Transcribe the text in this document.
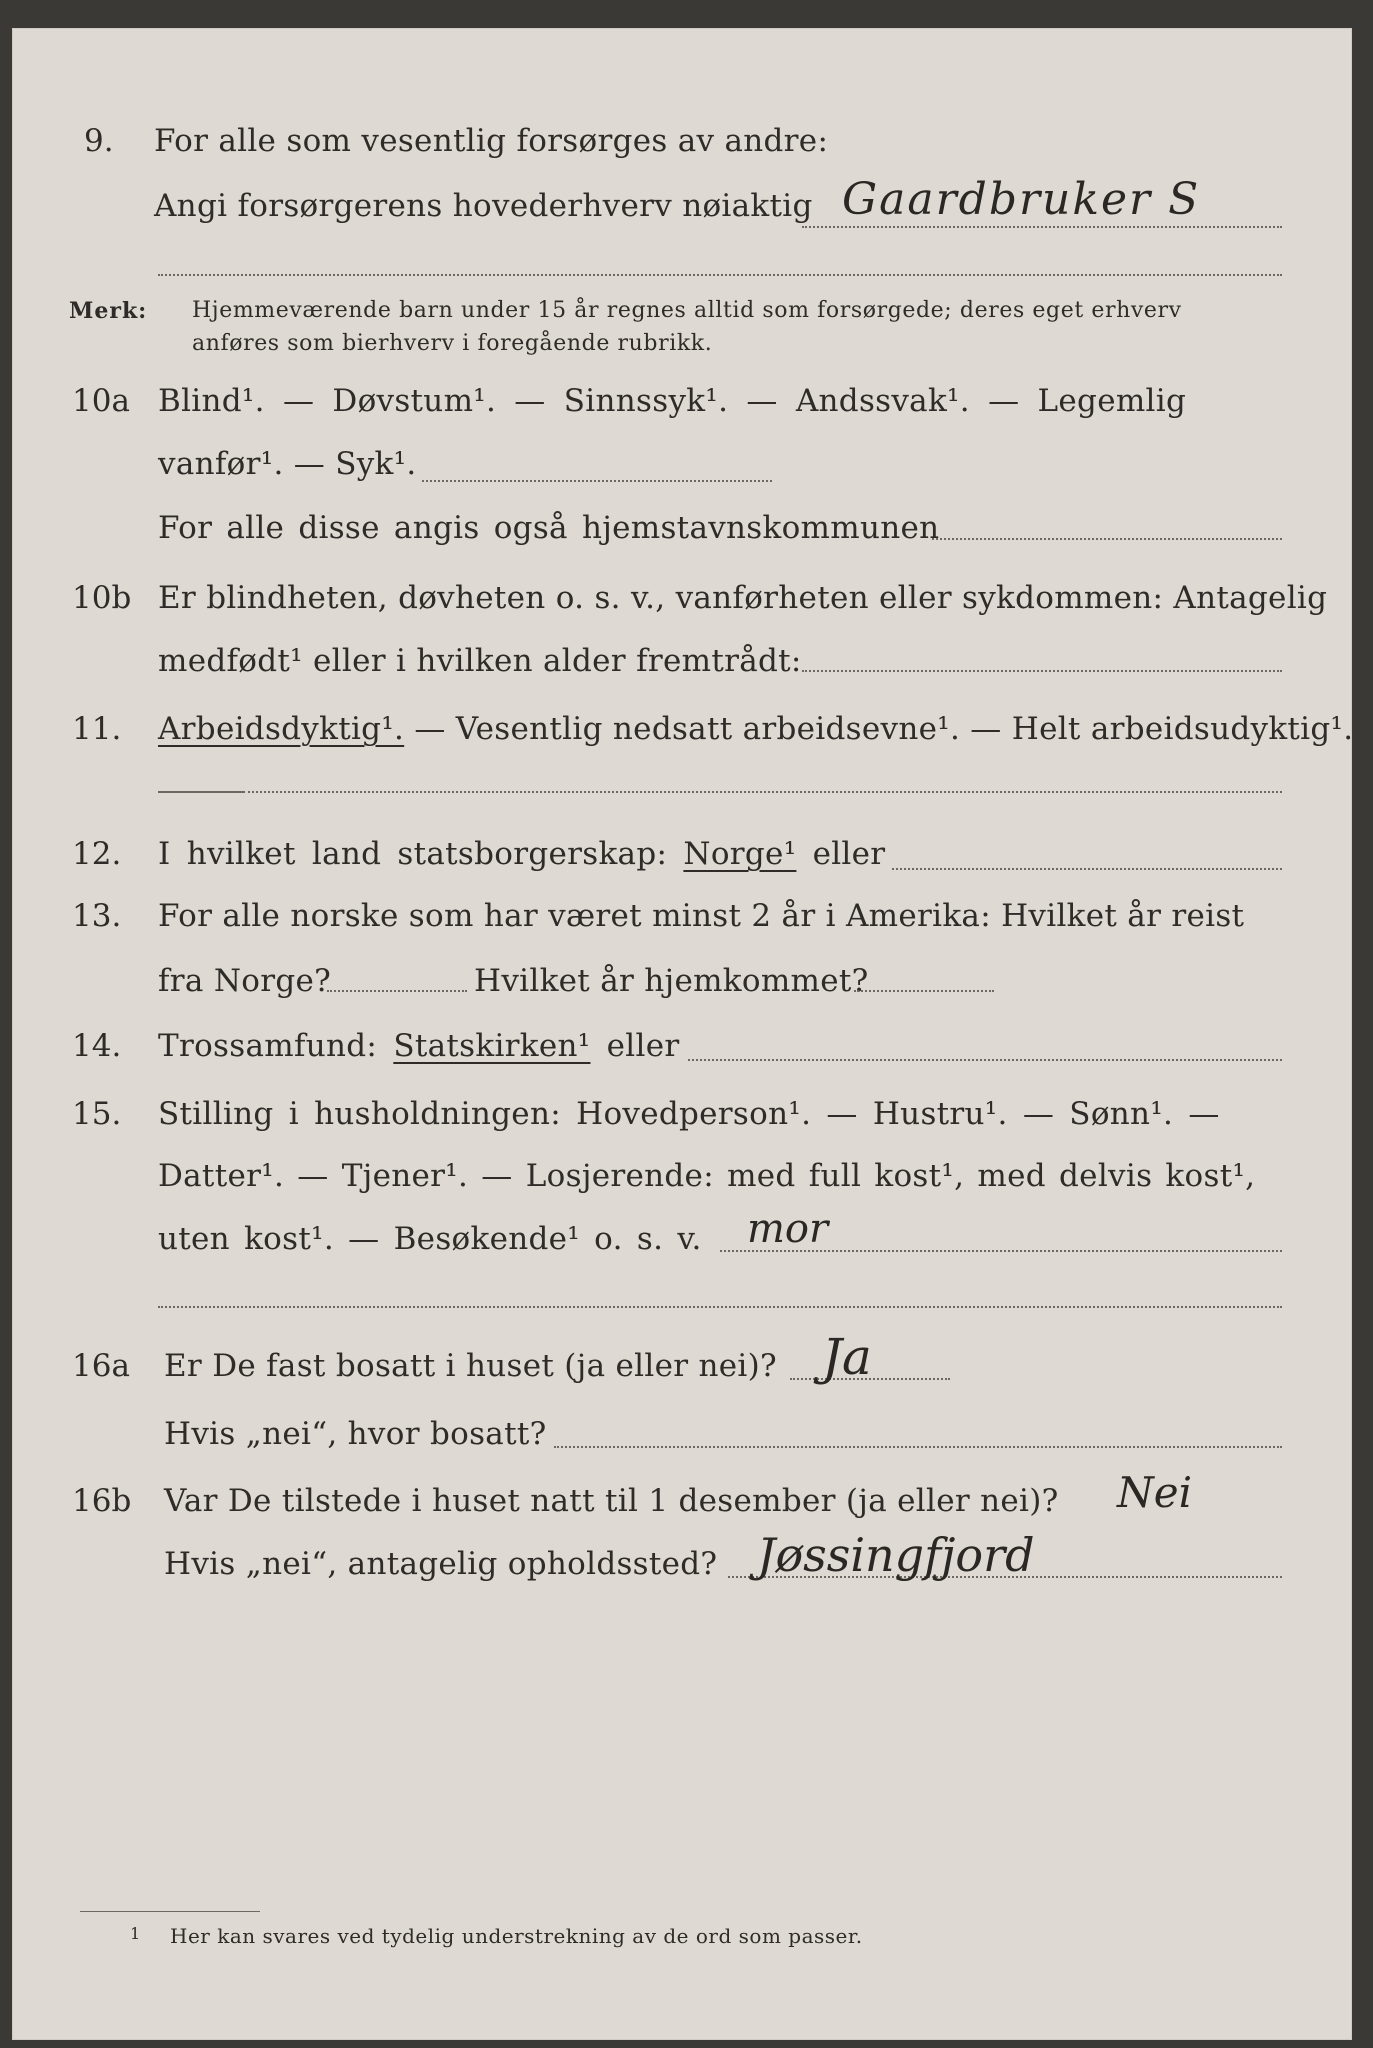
9. For alle som vesentlig forsørges av andre:
Angi forsørgerens hovederhverv nøiaktig Gaardbruker S
Merk: Hjemmeværende barn under 15 år regnes alltid som forsørgede; deres eget erhverv
anføres som bierhverv i foregående rubrikk.
10a Blind¹. — Døvstum¹. — Sinnssyk¹. — Andssvak¹. — Legemlig
vanfør¹. — Syk¹.
For alle disse angis også hjemstavnskommunen
10b Er blindheten, døvheten o. s. v., vanførheten eller sykdommen: Antagelig
medfødt¹ eller i hvilken alder fremtrådt:
11. Arbeidsdyktig¹. — Vesentlig nedsatt arbeidsevne¹. — Helt arbeidsudyktig¹.
12. I hvilket land statsborgerskap: Norge¹ eller
13. For alle norske som har været minst 2 år i Amerika: Hvilket år reist
fra Norge?	Hvilket år hjemkommet?
14. Trossamfund: Statskirken¹ eller
15. Stilling i husholdningen: Hovedperson¹. — Hustru¹. — Sønn¹. —
Datter¹. — Tjener¹. — Losjerende: med full kost¹, med delvis kost¹,
uten kost¹. — Besøkende¹ o. s. v. mor
16a Er De fast bosatt i huset (ja eller nei)? Ja
Hvis „nei“, hvor bosatt?
16b Var De tilstede i huset natt til 1 desember (ja eller nei)? Nei
Hvis „nei“, antagelig opholdssted? Jøssingfjord
1 Her kan svares ved tydelig understrekning av de ord som passer.
